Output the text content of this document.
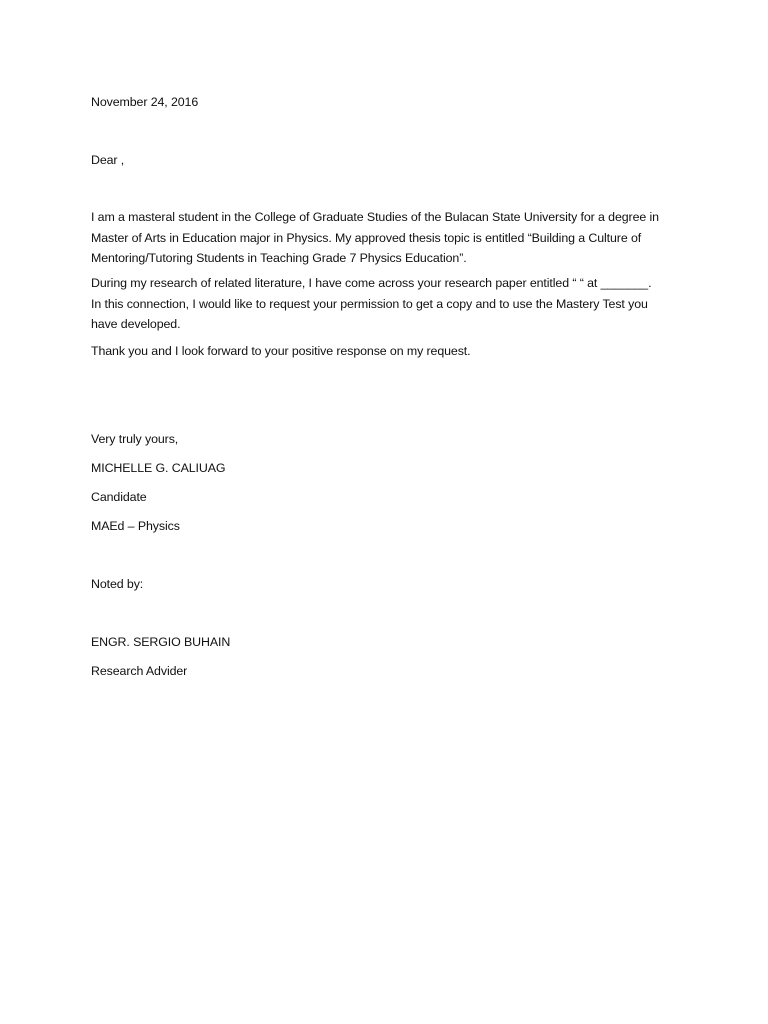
November 24, 2016
Dear ,
I am a masteral student in the College of Graduate Studies of the Bulacan State University for a degree in
Master of Arts in Education major in Physics. My approved thesis topic is entitled “Building a Culture of
Mentoring/Tutoring Students in Teaching Grade 7 Physics Education”.
During my research of related literature, I have come across your research paper entitled “ “ at _______.
In this connection, I would like to request your permission to get a copy and to use the Mastery Test you
have developed.
Thank you and I look forward to your positive response on my request.
Very truly yours,
MICHELLE G. CALIUAG
Candidate
MAEd – Physics
Noted by:
ENGR. SERGIO BUHAIN
Research Advider
